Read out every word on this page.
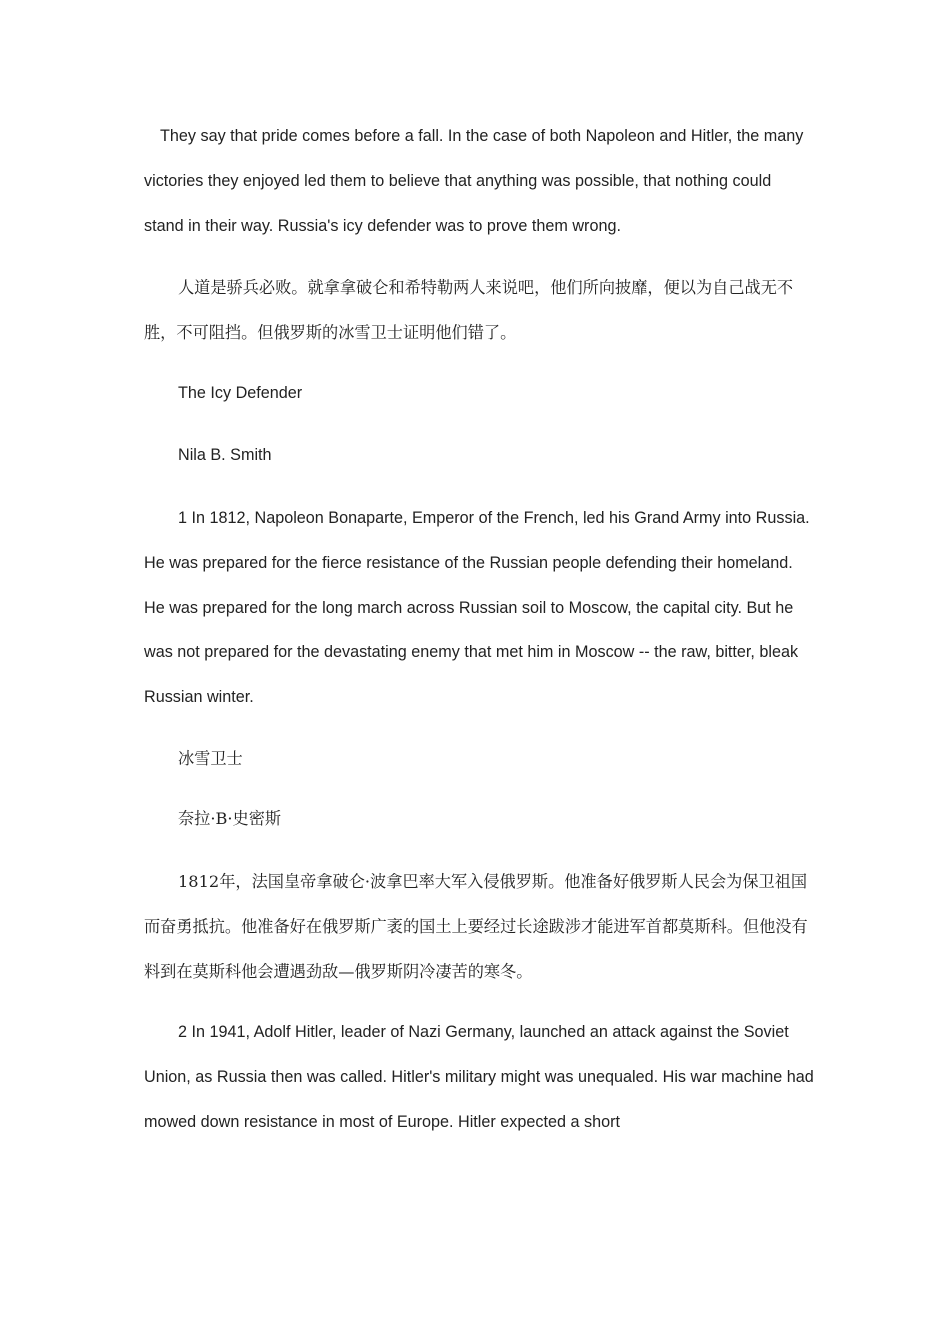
They say that pride comes before a fall. In the case of both Napoleon and Hitler, the many victories they enjoyed led them to believe that anything was possible, that nothing could stand in their way. Russia's icy defender was to prove them wrong.

人道是骄兵必败。就拿拿破仑和希特勒两人来说吧，他们所向披靡，便以为自己战无不胜，不可阻挡。但俄罗斯的冰雪卫士证明他们错了。

The Icy Defender

Nila B. Smith

1 In 1812, Napoleon Bonaparte, Emperor of the French, led his Grand Army into Russia. He was prepared for the fierce resistance of the Russian people defending their homeland. He was prepared for the long march across Russian soil to Moscow, the capital city. But he was not prepared for the devastating enemy that met him in Moscow -- the raw, bitter, bleak Russian winter.

冰雪卫士

奈拉·B·史密斯

1812年，法国皇帝拿破仑·波拿巴率大军入侵俄罗斯。他准备好俄罗斯人民会为保卫祖国而奋勇抵抗。他准备好在俄罗斯广袤的国土上要经过长途跋涉才能进军首都莫斯科。但他没有料到在莫斯科他会遭遇劲敌—俄罗斯阴冷凄苦的寒冬。

2 In 1941, Adolf Hitler, leader of Nazi Germany, launched an attack against the Soviet Union, as Russia then was called. Hitler's military might was unequaled. His war machine had mowed down resistance in most of Europe. Hitler expected a short
